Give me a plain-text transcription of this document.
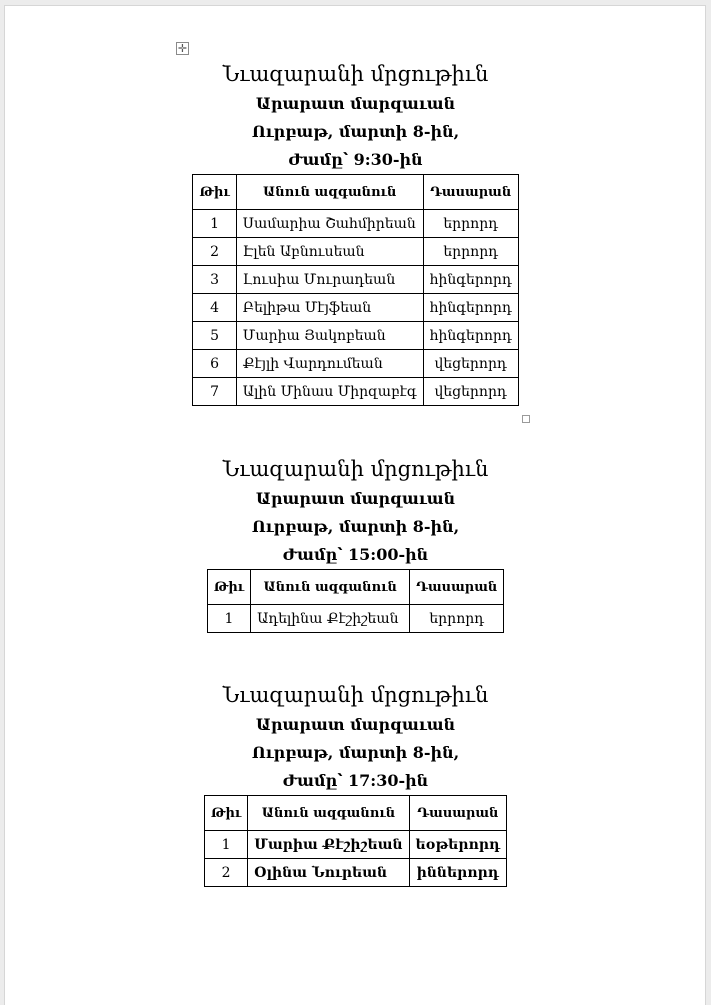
✛
Նւազարանի մրցութիւն
Արարատ մարզաւան
Ուրբաթ, մարտի 8-ին,
Ժամը՝ 9:30-ին
Թիւ	Անուն ազգանուն	Դասարան
1	Սամարիա Շահմիրեան	երրորդ
2	Էլեն Աբնուսեան	երրորդ
3	Լուսիա Մուրադեան	հինգերորդ
4	Բելիթա Մէյֆեան	հինգերորդ
5	Մարիա Յակոբեան	հինգերորդ
6	Քէյլի Վարդումեան	վեցերորդ
7	Ալին Մինաս Միրզաբէգ	վեցերորդ
Նւազարանի մրցութիւն
Արարատ մարզաւան
Ուրբաթ, մարտի 8-ին,
Ժամը՝ 15:00-ին
Թիւ	Անուն ազգանուն	Դասարան
1	Ադելինա Քէշիշեան	երրորդ
Նւազարանի մրցութիւն
Արարատ մարզաւան
Ուրբաթ, մարտի 8-ին,
Ժամը՝ 17:30-ին
Թիւ	Անուն ազգանուն	Դասարան
1	Մարիա Քէշիշեան	եօթերորդ
2	Օլինա Նուրեան	իններորդ
